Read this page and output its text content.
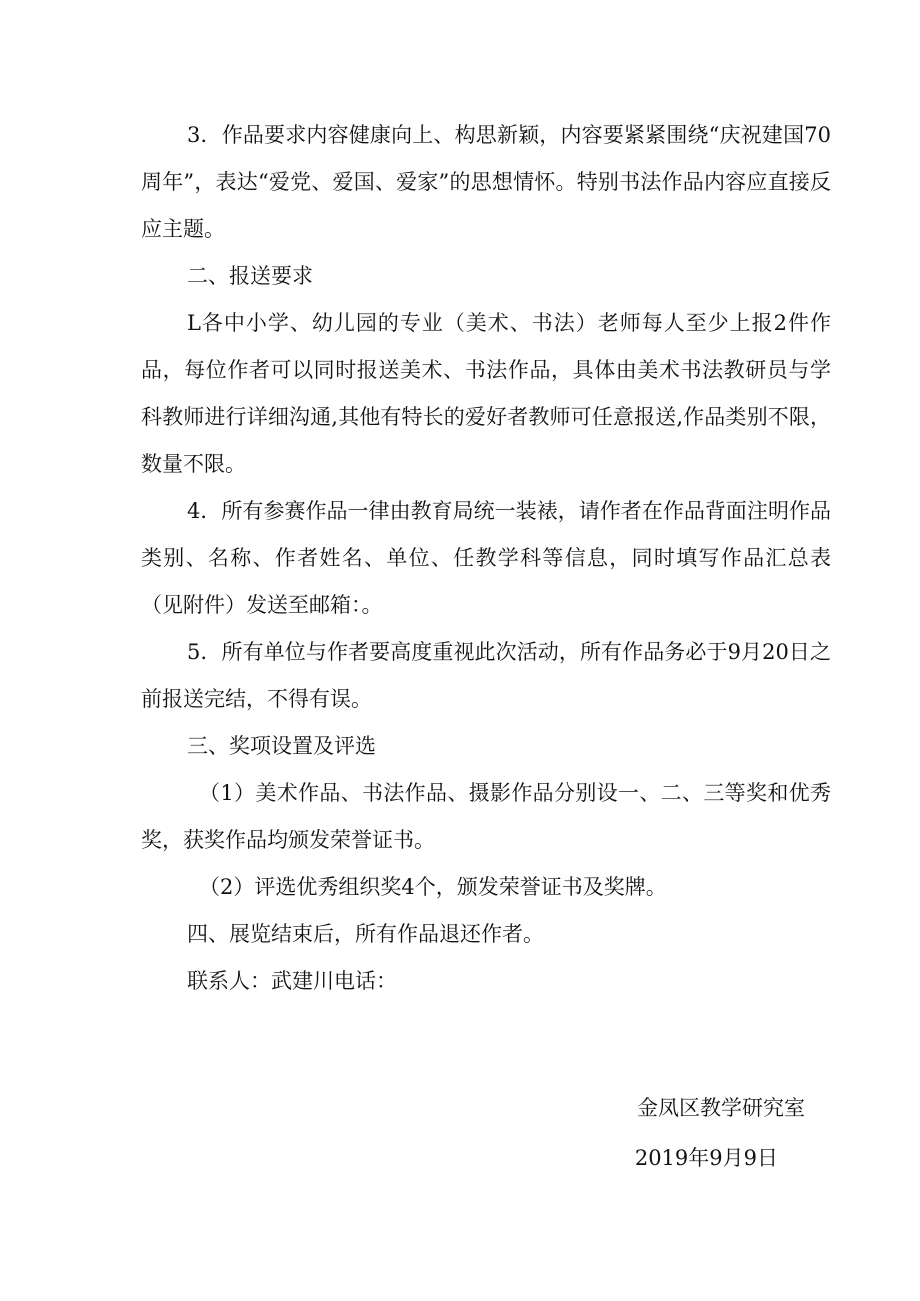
3．作品要求内容健康向上、构思新颖，内容要紧紧围绕“庆祝建国70周年”，表达“爱党、爱国、爱家”的思想情怀。特别书法作品内容应直接反应主题。

二、报送要求

L各中小学、幼儿园的专业（美术、书法）老师每人至少上报2件作品，每位作者可以同时报送美术、书法作品，具体由美术书法教研员与学科教师进行详细沟通,其他有特长的爱好者教师可任意报送,作品类别不限，数量不限。

4．所有参赛作品一律由教育局统一装裱，请作者在作品背面注明作品类别、名称、作者姓名、单位、任教学科等信息，同时填写作品汇总表（见附件）发送至邮箱：。

5．所有单位与作者要高度重视此次活动，所有作品务必于9月20日之前报送完结，不得有误。

三、奖项设置及评选

（1）美术作品、书法作品、摄影作品分别设一、二、三等奖和优秀奖，获奖作品均颁发荣誉证书。

（2）评选优秀组织奖4个，颁发荣誉证书及奖牌。

四、展览结束后，所有作品退还作者。

联系人：武建川电话：

金凤区教学研究室
2019年9月9日
